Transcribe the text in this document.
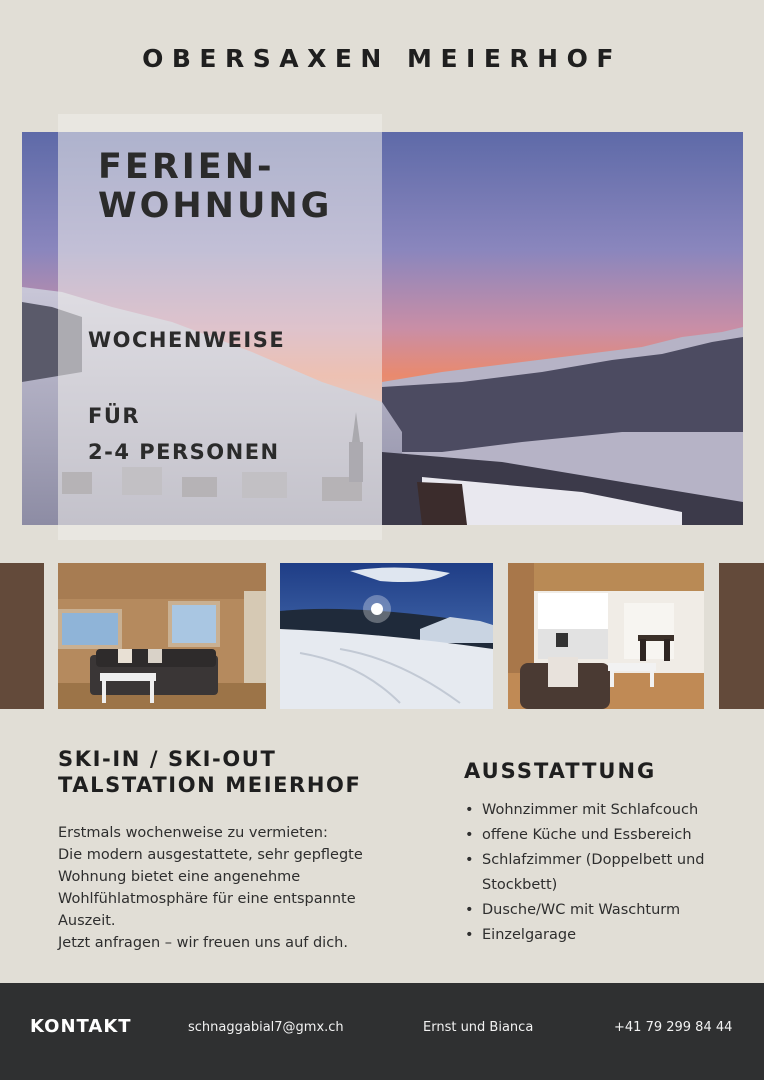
OBERSAXEN MEIERHOF
FERIEN-
WOHNUNG
WOCHENWEISE
FÜR
2-4 PERSONEN
SKI-IN / SKI-OUT
TALSTATION MEIERHOF
Erstmals wochenweise zu vermieten:
Die modern ausgestattete, sehr gepflegte
Wohnung bietet eine angenehme
Wohlfühlatmosphäre für eine entspannte
Auszeit.
Jetzt anfragen – wir freuen uns auf dich.
AUSSTATTUNG
• Wohnzimmer mit Schlafcouch
• offene Küche und Essbereich
• Schlafzimmer (Doppelbett und Stockbett)
• Dusche/WC mit Waschturm
• Einzelgarage
KONTAKT	schnaggabial7@gmx.ch	Ernst und Bianca	+41 79 299 84 44
